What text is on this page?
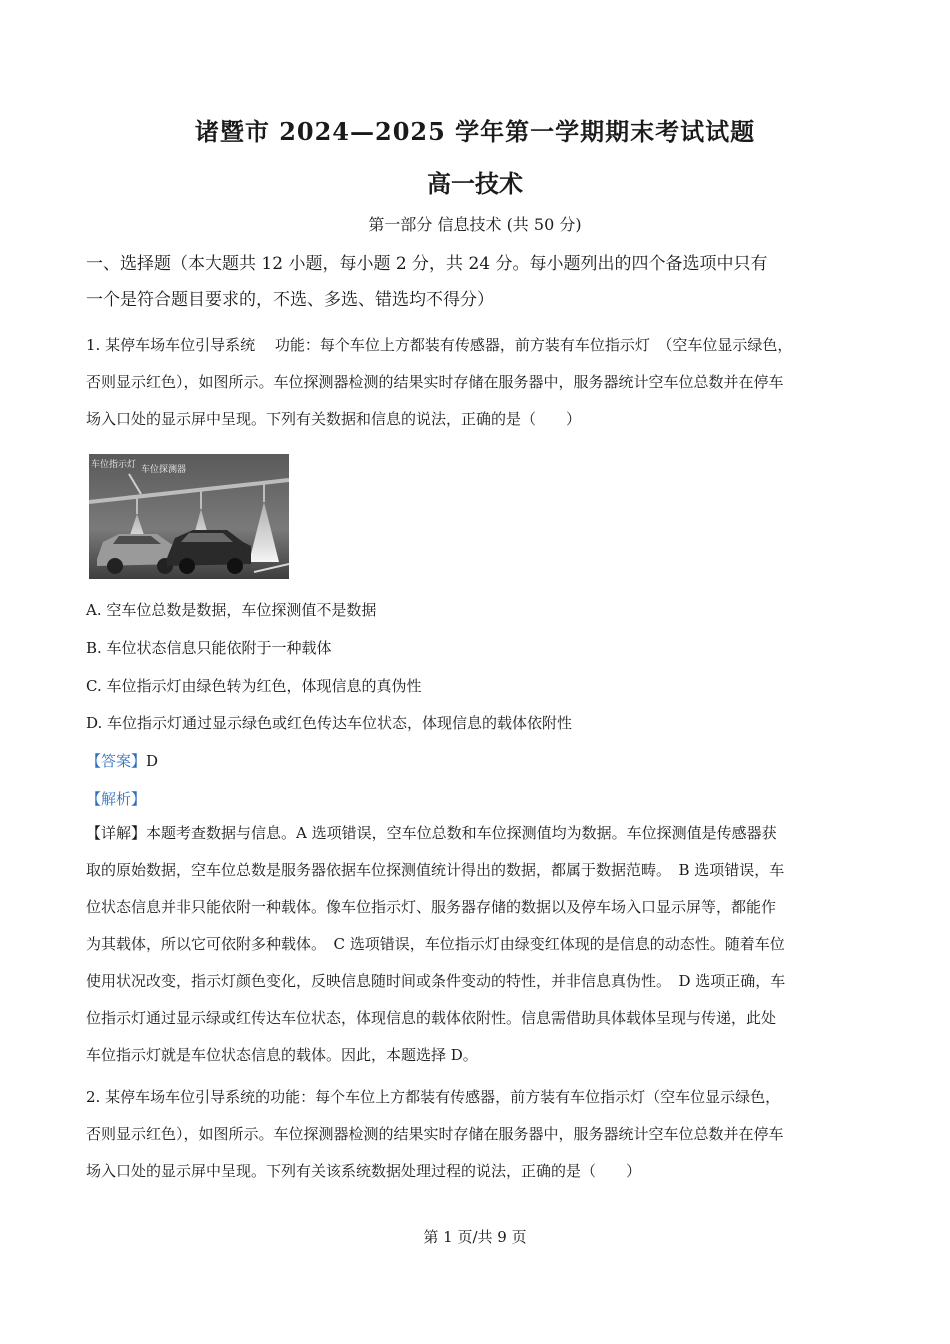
诸暨市 2024—2025 学年第一学期期末考试试题
高一技术
第一部分 信息技术 (共 50 分)
一、选择题（本大题共 12 小题，每小题 2 分，共 24 分。每小题列出的四个备选项中只有
一个是符合题目要求的，不选、多选、错选均不得分）
1. 某停车场车位引导系统　 功能：每个车位上方都装有传感器，前方装有车位指示灯　（空车位显示绿色，
否则显示红色），如图所示。车位探测器检测的结果实时存储在服务器中，服务器统计空车位总数并在停车
场入口处的显示屏中呈现。下列有关数据和信息的说法，正确的是（　　）
车位指示灯 车位探测器
A. 空车位总数是数据，车位探测值不是数据
B. 车位状态信息只能依附于一种载体
C. 车位指示灯由绿色转为红色，体现信息的真伪性
D. 车位指示灯通过显示绿色或红色传达车位状态，体现信息的载体依附性
【答案】D
【解析】
【详解】本题考查数据与信息。A 选项错误，空车位总数和车位探测值均为数据。车位探测值是传感器获
取的原始数据，空车位总数是服务器依据车位探测值统计得出的数据，都属于数据范畴。　B 选项错误，车
位状态信息并非只能依附一种载体。像车位指示灯、服务器存储的数据以及停车场入口显示屏等，都能作
为其载体，所以它可依附多种载体。　C 选项错误，车位指示灯由绿变红体现的是信息的动态性。随着车位
使用状况改变，指示灯颜色变化，反映信息随时间或条件变动的特性，并非信息真伪性。　D 选项正确，车
位指示灯通过显示绿或红传达车位状态，体现信息的载体依附性。信息需借助具体载体呈现与传递，此处
车位指示灯就是车位状态信息的载体。因此，本题选择 D。
2. 某停车场车位引导系统的功能：每个车位上方都装有传感器，前方装有车位指示灯（空车位显示绿色，
否则显示红色），如图所示。车位探测器检测的结果实时存储在服务器中，服务器统计空车位总数并在停车
场入口处的显示屏中呈现。下列有关该系统数据处理过程的说法，正确的是（　　）
第 1 页/共 9 页
